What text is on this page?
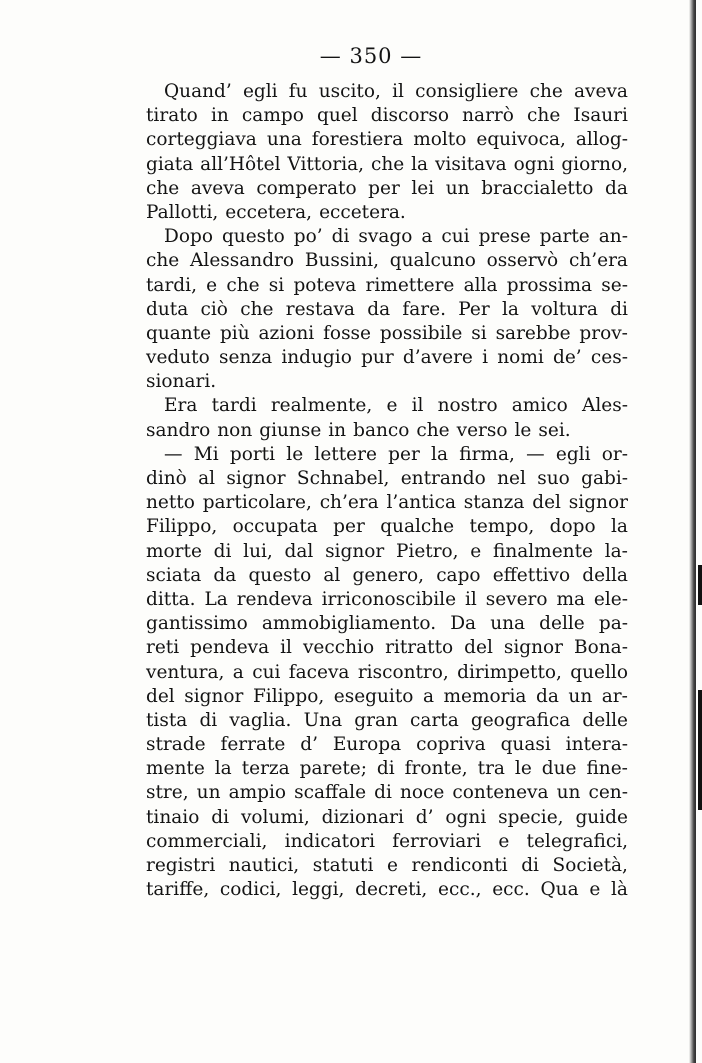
— 350 —
Quand’ egli fu uscito, il consigliere che aveva
tirato in campo quel discorso narrò che Isauri
corteggiava una forestiera molto equivoca, allog-
giata all’Hôtel Vittoria, che la visitava ogni giorno,
che aveva comperato per lei un braccialetto da
Pallotti, eccetera, eccetera.
Dopo questo po’ di svago a cui prese parte an-
che Alessandro Bussini, qualcuno osservò ch’era
tardi, e che si poteva rimettere alla prossima se-
duta ciò che restava da fare. Per la voltura di
quante più azioni fosse possibile si sarebbe prov-
veduto senza indugio pur d’avere i nomi de’ ces-
sionari.
Era tardi realmente, e il nostro amico Ales-
sandro non giunse in banco che verso le sei.
— Mi porti le lettere per la firma, — egli or-
dinò al signor Schnabel, entrando nel suo gabi-
netto particolare, ch’era l’antica stanza del signor
Filippo, occupata per qualche tempo, dopo la
morte di lui, dal signor Pietro, e finalmente la-
sciata da questo al genero, capo effettivo della
ditta. La rendeva irriconoscibile il severo ma ele-
gantissimo ammobigliamento. Da una delle pa-
reti pendeva il vecchio ritratto del signor Bona-
ventura, a cui faceva riscontro, dirimpetto, quello
del signor Filippo, eseguito a memoria da un ar-
tista di vaglia. Una gran carta geografica delle
strade ferrate d’ Europa copriva quasi intera-
mente la terza parete; di fronte, tra le due fine-
stre, un ampio scaffale di noce conteneva un cen-
tinaio di volumi, dizionari d’ ogni specie, guide
commerciali, indicatori ferroviari e telegrafici,
registri nautici, statuti e rendiconti di Società,
tariffe, codici, leggi, decreti, ecc., ecc. Qua e là
